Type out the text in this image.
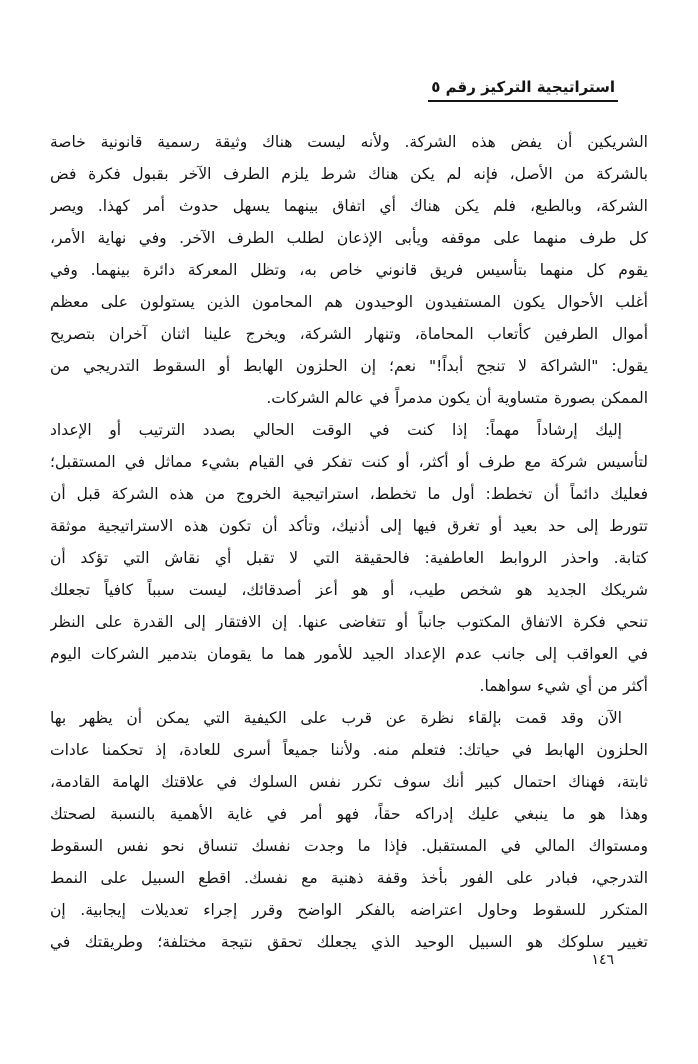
استراتيجية التركيز رقم ٥
الشريكين أن يفض هذه الشركة. ولأنه ليست هناك وثيقة رسمية قانونية خاصة
بالشركة من الأصل، فإنه لم يكن هناك شرط يلزم الطرف الآخر بقبول فكرة فض
الشركة، وبالطبع، فلم يكن هناك أي اتفاق بينهما يسهل حدوث أمر كهذا. ويصر
كل طرف منهما على موقفه ويأبى الإذعان لطلب الطرف الآخر. وفي نهاية الأمر،
يقوم كل منهما بتأسيس فريق قانوني خاص به، وتظل المعركة دائرة بينهما. وفي
أغلب الأحوال يكون المستفيدون الوحيدون هم المحامون الذين يستولون على معظم
أموال الطرفين كأتعاب المحاماة، وتنهار الشركة، ويخرج علينا اثنان آخران بتصريح
يقول: "الشراكة لا تنجح أبداً!" نعم؛ إن الحلزون الهابط أو السقوط التدريجي من
الممكن بصورة متساوية أن يكون مدمراً في عالم الشركات.
إليك إرشاداً مهماً: إذا كنت في الوقت الحالي بصدد الترتيب أو الإعداد
لتأسيس شركة مع طرف أو أكثر، أو كنت تفكر في القيام بشيء مماثل في المستقبل؛
فعليك دائماً أن تخطط: أول ما تخطط، استراتيجية الخروج من هذه الشركة قبل أن
تتورط إلى حد بعيد أو تغرق فيها إلى أذنيك، وتأكد أن تكون هذه الاستراتيجية موثقة
كتابة. واحذر الروابط العاطفية: فالحقيقة التي لا تقبل أي نقاش التي تؤكد أن
شريكك الجديد هو شخص طيب، أو هو أعز أصدقائك، ليست سبباً كافياً تجعلك
تنحي فكرة الاتفاق المكتوب جانباً أو تتغاضى عنها. إن الافتقار إلى القدرة على النظر
في العواقب إلى جانب عدم الإعداد الجيد للأمور هما ما يقومان بتدمير الشركات اليوم
أكثر من أي شيء سواهما.
الآن وقد قمت بإلقاء نظرة عن قرب على الكيفية التي يمكن أن يظهر بها
الحلزون الهابط في حياتك: فتعلم منه. ولأننا جميعاً أسرى للعادة، إذ تحكمنا عادات
ثابتة، فهناك احتمال كبير أنك سوف تكرر نفس السلوك في علاقتك الهامة القادمة،
وهذا هو ما ينبغي عليك إدراكه حقاً، فهو أمر في غاية الأهمية بالنسبة لصحتك
ومستواك المالي في المستقبل. فإذا ما وجدت نفسك تنساق نحو نفس السقوط
التدرجي، فبادر على الفور بأخذ وقفة ذهنية مع نفسك. اقطع السبيل على النمط
المتكرر للسقوط وحاول اعتراضه بالفكر الواضح وقرر إجراء تعديلات إيجابية. إن
تغيير سلوكك هو السبيل الوحيد الذي يجعلك تحقق نتيجة مختلفة؛ وطريقتك في
١٤٦
